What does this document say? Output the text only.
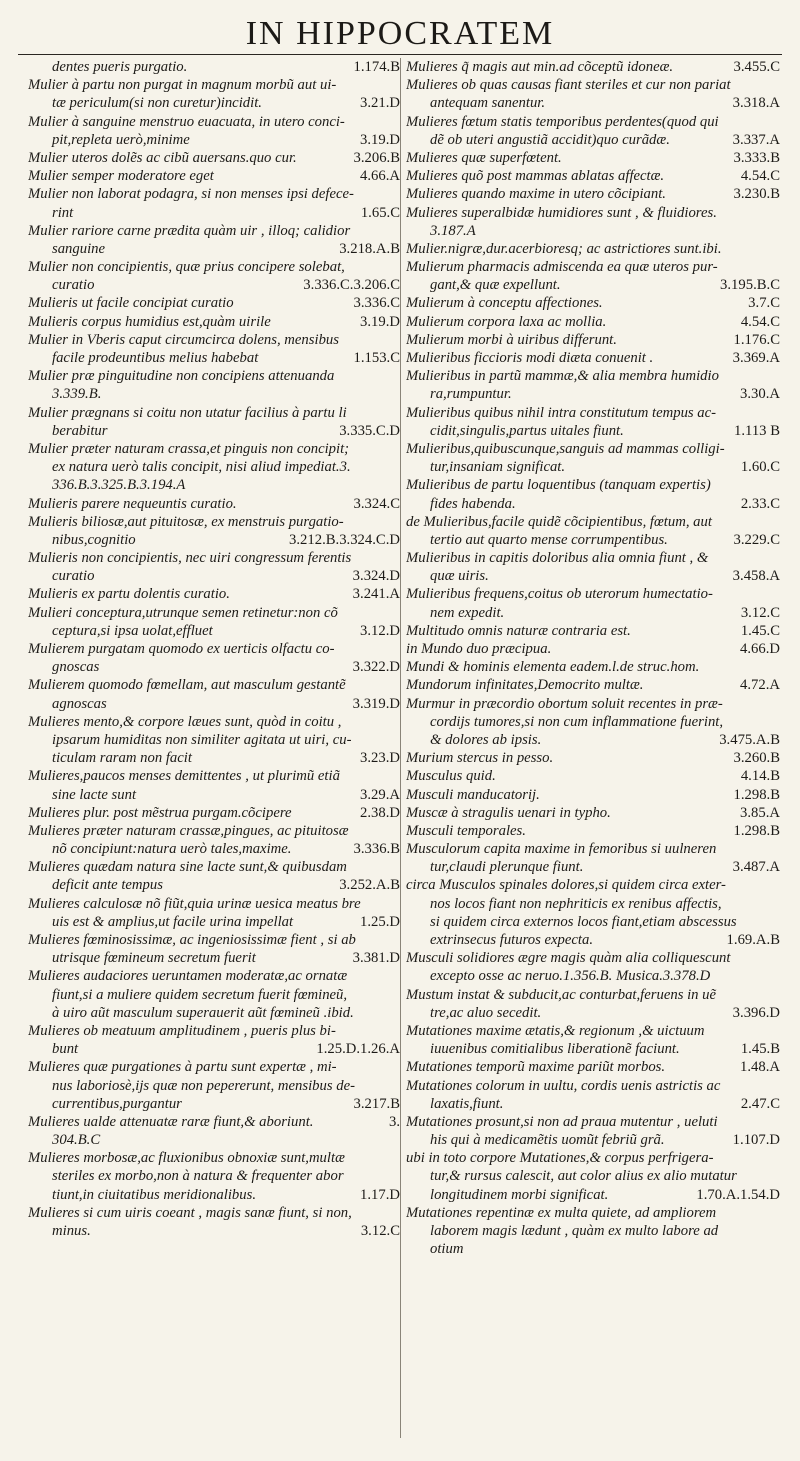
IN HIPPOCRATEM
dentes pueris purgatio.	1.174.B
Mulier à partu non purgat in magnum morbũ aut ui-
tæ periculum(si non curetur)incidit.	3.21.D
Mulier à sanguine menstruo euacuata, in utero conci-
pit,repleta uerò,minime	3.19.D
Mulier uteros dolẽs ac cibũ auersans.quo cur.	3.206.B
Mulier semper moderatore eget	4.66.A
Mulier non laborat podagra, si non menses ipsi defece-
rint	1.65.C
Mulier rariore carne prædita quàm uir , illoq; calidior
sanguine	3.218.A.B
Mulier non concipientis, quæ prius concipere solebat,
curatio	3.336.C.3.206.C
Mulieris ut facile concipiat curatio	3.336.C
Mulieris corpus humidius est,quàm uirile	3.19.D
Mulier in Vberis caput circumcirca dolens, mensibus
facile prodeuntibus melius habebat	1.153.C
Mulier præ pinguitudine non concipiens attenuanda
3.339.B.
Mulier prægnans si coitu non utatur facilius à partu li
berabitur	3.335.C.D
Mulier præter naturam crassa,et pinguis non concipit;
ex natura uerò talis concipit, nisi aliud impediat.3.
336.B.3.325.B.3.194.A
Mulieris parere nequeuntis curatio.	3.324.C
Mulieris biliosæ,aut pituitosæ, ex menstruis purgatio-
nibus,cognitio	3.212.B.3.324.C.D
Mulieris non concipientis, nec uiri congressum ferentis
curatio	3.324.D
Mulieris ex partu dolentis curatio.	3.241.A
Mulieri conceptura,utrunque semen retinetur:non cõ
ceptura,si ipsa uolat,effluet	3.12.D
Mulierem purgatam quomodo ex uerticis olfactu co-
gnoscas	3.322.D
Mulierem quomodo fœmellam, aut masculum gestantẽ
agnoscas	3.319.D
Mulieres mento,& corpore læues sunt, quòd in coitu ,
ipsarum humiditas non similiter agitata ut uiri, cu-
ticulam raram non facit	3.23.D
Mulieres,paucos menses demittentes , ut plurimũ etiã
sine lacte sunt	3.29.A
Mulieres plur. post mẽstrua purgam.cõcipere	2.38.D
Mulieres præter naturam crassæ,pingues, ac pituitosæ
nõ concipiunt:natura uerò tales,maxime.	3.336.B
Mulieres quædam natura sine lacte sunt,& quibusdam
deficit ante tempus	3.252.A.B
Mulieres calculosæ nõ fiũt,quia urinæ uesica meatus bre
uis est & amplius,ut facile urina impellat	1.25.D
Mulieres fœminosissimæ, ac ingeniosissimæ fient , si ab
utrisque fœmineum secretum fuerit	3.381.D
Mulieres audaciores ueruntamen moderatæ,ac ornatæ
fiunt,si a muliere quidem secretum fuerit fœmineũ,
à uiro aũt masculum superauerit aũt fœmineũ .ibid.
Mulieres ob meatuum amplitudinem , pueris plus bi-
bunt	1.25.D.1.26.A
Mulieres quæ purgationes à partu sunt expertæ , mi-
nus laboriosè,ijs quæ non pepererunt, mensibus de-
currentibus,purgantur	3.217.B
Mulieres ualde attenuatæ raræ fiunt,& aboriunt.	3.
304.B.C
Mulieres morbosæ,ac fluxionibus obnoxiæ sunt,multæ
steriles ex morbo,non à natura & frequenter abor
tiunt,in ciuitatibus meridionalibus.	1.17.D
Mulieres si cum uiris coeant , magis sanæ fiunt, si non,
minus.	3.12.C
Mulieres q̃ magis aut min.ad cõceptũ idoneæ.	3.455.C
Mulieres ob quas causas fiant steriles et cur non pariat
antequam sanentur.	3.318.A
Mulieres fœtum statis temporibus perdentes(quod qui
dẽ ob uteri angustiã accidit)quo curãdæ.	3.337.A
Mulieres quæ superfœtent.	3.333.B
Mulieres quõ post mammas ablatas affectæ.	4.54.C
Mulieres quando maxime in utero cõcipiant.	3.230.B
Mulieres superalbidæ humidiores sunt , & fluidiores.
3.187.A
Mulier.nigræ,dur.acerbioresq; ac astrictiores sunt.ibi.
Mulierum pharmacis admiscenda ea quæ uteros pur-
gant,& quæ expellunt.	3.195.B.C
Mulierum à conceptu affectiones.	3.7.C
Mulierum corpora laxa ac mollia.	4.54.C
Mulierum morbi à uiribus differunt.	1.176.C
Mulieribus ficcioris modi diæta conuenit .	3.369.A
Mulieribus in partũ mammæ,& alia membra humidio
ra,rumpuntur.	3.30.A
Mulieribus quibus nihil intra constitutum tempus ac-
cidit,singulis,partus uitales fiunt.	1.113 B
Mulieribus,quibuscunque,sanguis ad mammas colligi-
tur,insaniam significat.	1.60.C
Mulieribus de partu loquentibus (tanquam expertis)
fides habenda.	2.33.C
de Mulieribus,facile quidẽ cõcipientibus, fœtum, aut
tertio aut quarto mense corrumpentibus.	3.229.C
Mulieribus in capitis doloribus alia omnia fiunt , &
quæ uiris.	3.458.A
Mulieribus frequens,coitus ob uterorum humectatio-
nem expedit.	3.12.C
Multitudo omnis naturæ contraria est.	1.45.C
in Mundo duo præcipua.	4.66.D
Mundi & hominis elementa eadem.l.de struc.hom.
Mundorum infinitates,Democrito multæ.	4.72.A
Murmur in præcordio obortum soluit recentes in præ-
cordijs tumores,si non cum inflammatione fuerint,
& dolores ab ipsis.	3.475.A.B
Murium stercus in pesso.	3.260.B
Musculus quid.	4.14.B
Musculi manducatorij.	1.298.B
Muscæ à stragulis uenari in typho.	3.85.A
Musculi temporales.	1.298.B
Musculorum capita maxime in femoribus si uulneren
tur,claudi plerunque fiunt.	3.487.A
circa Musculos spinales dolores,si quidem circa exter-
nos locos fiant non nephriticis ex renibus affectis,
si quidem circa externos locos fiant,etiam abscessus
extrinsecus futuros expecta.	1.69.A.B
Musculi solidiores ægre magis quàm alia colliquescunt
excepto osse ac neruo.1.356.B. Musica.3.378.D
Mustum instat & subducit,ac conturbat,feruens in uẽ
tre,ac aluo secedit.	3.396.D
Mutationes maxime ætatis,& regionum ,& uictuum
iuuenibus comitialibus liberationẽ faciunt.	1.45.B
Mutationes temporũ maxime pariũt morbos.	1.48.A
Mutationes colorum in uultu, cordis uenis astrictis ac
laxatis,fiunt.	2.47.C
Mutationes prosunt,si non ad praua mutentur , ueluti
his qui à medicamẽtis uomũt febriũ grã.	1.107.D
ubi in toto corpore Mutationes,& corpus perfrigera-
tur,& rursus calescit, aut color alius ex alio mutatur
longitudinem morbi significat.	1.70.A.1.54.D
Mutationes repentinæ ex multa quiete, ad ampliorem
laborem magis lædunt , quàm ex multo labore ad
otium
